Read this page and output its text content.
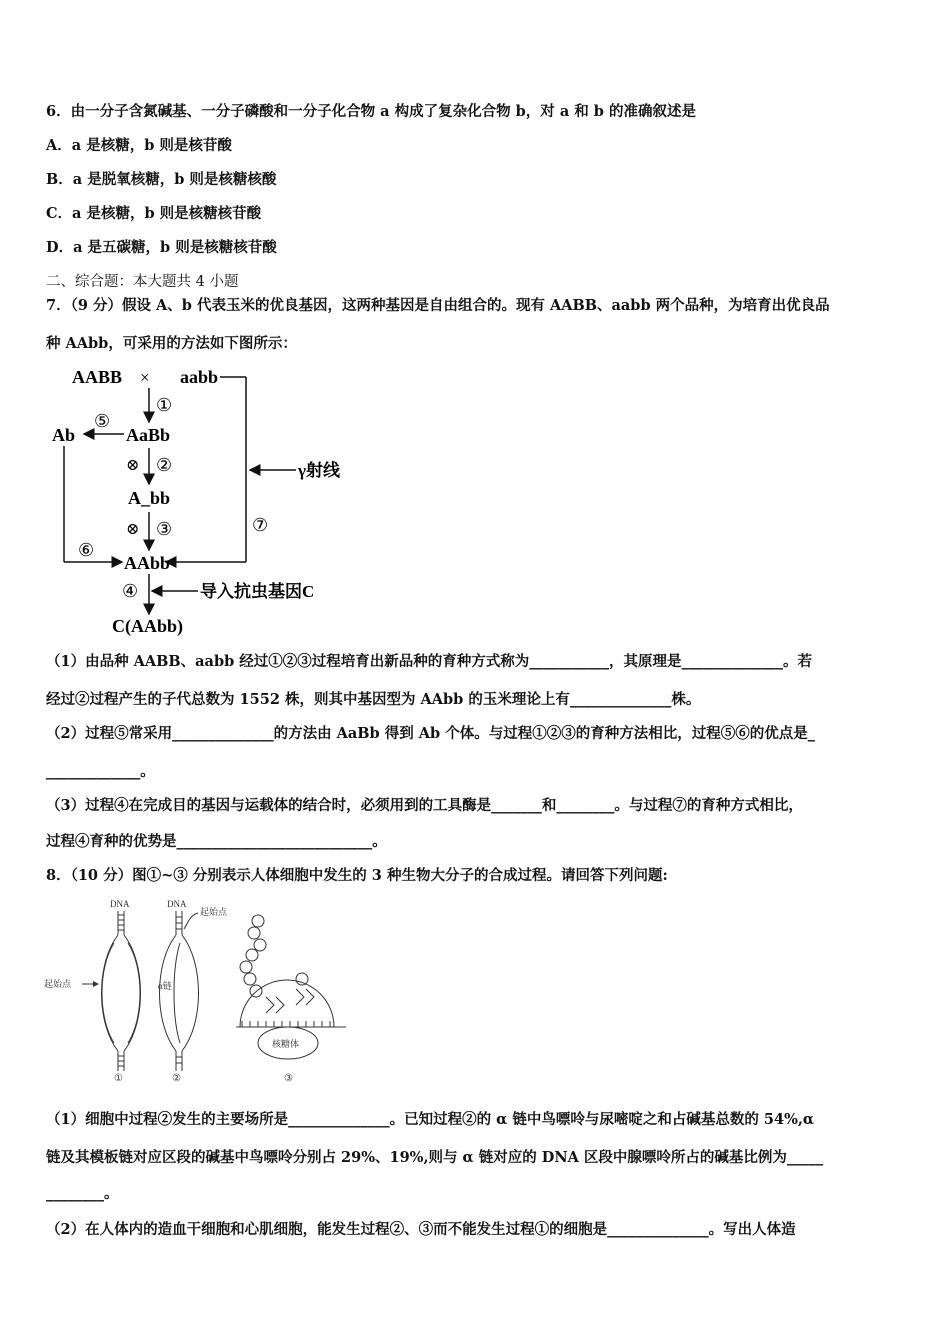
6．由一分子含氮碱基、一分子磷酸和一分子化合物 a 构成了复杂化合物 b，对 a 和 b 的准确叙述是
A．a 是核糖，b 则是核苷酸
B．a 是脱氧核糖，b 则是核糖核酸
C．a 是核糖，b 则是核糖核苷酸
D．a 是五碳糖，b 则是核糖核苷酸
二、综合题：本大题共 4 小题
7．（9 分）假设 A、b 代表玉米的优良基因，这两种基因是自由组合的。现有 AABB、aabb 两个品种，为培育出优良品
种 AAbb，可采用的方法如下图所示：
AABB × aabb
γ射线
⑦
①
AaBb
⑤
Ab
⊗ ②
A_bb
⊗ ③
AAbb
⑥
④	导入抗虫基因C
C(AAbb)
（1）由品种 AABB、aabb 经过①②③过程培育出新品种的育种方式称为___________，其原理是______________。若
经过②过程产生的子代总数为 1552 株，则其中基因型为 AAbb 的玉米理论上有______________株。
（2）过程⑤常采用______________的方法由 AaBb 得到 Ab 个体。与过程①②③的育种方法相比，过程⑤⑥的优点是_
_____________。
（3）过程④在完成目的基因与运载体的结合时，必须用到的工具酶是_______和________。与过程⑦的育种方式相比，
过程④育种的优势是___________________________。
8．（10 分）图①~③ 分别表示人体细胞中发生的 3 种生物大分子的合成过程。请回答下列问题:
DNA
起始点
①
DNA
起始点
α链
②
核糖体
③
（1）细胞中过程②发生的主要场所是______________。已知过程②的 α 链中鸟嘌呤与尿嘧啶之和占碱基总数的 54%,α
链及其模板链对应区段的碱基中鸟嘌呤分别占 29%、19%,则与 α 链对应的 DNA 区段中腺嘌呤所占的碱基比例为_____
________。
（2）在人体内的造血干细胞和心肌细胞，能发生过程②、③而不能发生过程①的细胞是______________。写出人体造
